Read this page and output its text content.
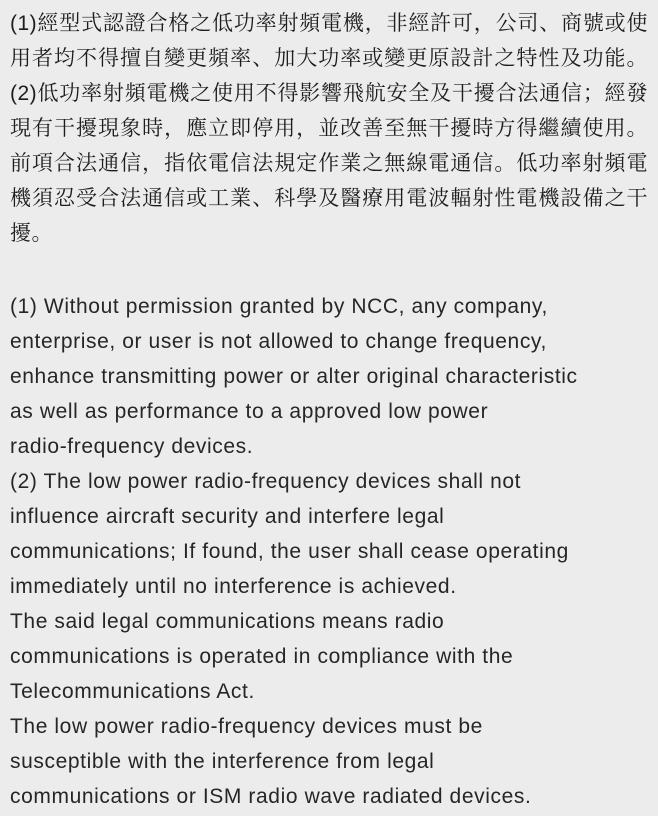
(1)經型式認證合格之低功率射頻電機，非經許可，公司、商號或使
用者均不得擅自變更頻率、加大功率或變更原設計之特性及功能。
(2)低功率射頻電機之使用不得影響飛航安全及干擾合法通信；經發
現有干擾現象時，應立即停用，並改善至無干擾時方得繼續使用。
前項合法通信，指依電信法規定作業之無線電通信。低功率射頻電
機須忍受合法通信或工業、科學及醫療用電波輻射性電機設備之干
擾。
(1) Without permission granted by NCC, any company,
enterprise, or user is not allowed to change frequency,
enhance transmitting power or alter original characteristic
as well as performance to a approved low power
radio-frequency devices.
(2) The low power radio-frequency devices shall not
influence aircraft security and interfere legal
communications; If found, the user shall cease operating
immediately until no interference is achieved.
The said legal communications means radio
communications is operated in compliance with the
Telecommunications Act.
The low power radio-frequency devices must be
susceptible with the interference from legal
communications or ISM radio wave radiated devices.
